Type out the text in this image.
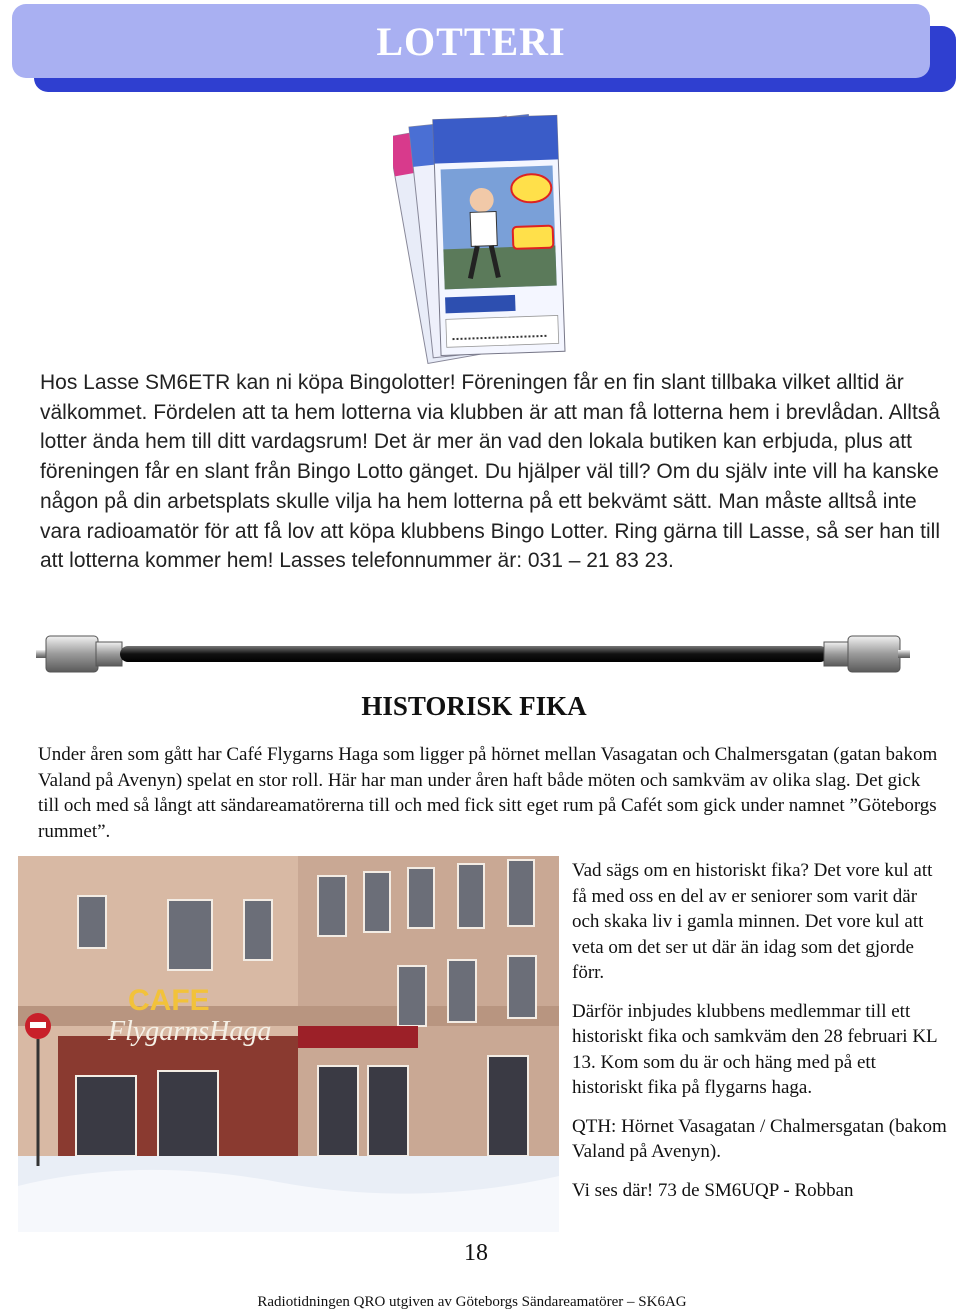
LOTTERI

Hos Lasse SM6ETR kan ni köpa Bingolotter! Föreningen får en fin slant tillbaka vilket alltid är välkommet. Fördelen att ta hem lotterna via klubben är att man få lotterna hem i brevlådan. Alltså lotter ända hem till ditt vardagsrum! Det är mer än vad den lokala butiken kan erbjuda, plus att föreningen får en slant från Bingo Lotto gänget. Du hjälper väl till? Om du själv inte vill ha kanske någon på din arbetsplats skulle vilja ha hem lotterna på ett bekvämt sätt. Man måste alltså inte vara radioamatör för att få lov att köpa klubbens Bingo Lotter. Ring gärna till Lasse, så ser han till att lotterna kommer hem! Lasses telefonnummer är: 031 – 21 83 23.

HISTORISK FIKA

Under åren som gått har Café Flygarns Haga som ligger på hörnet mellan Vasagatan och Chalmersgatan (gatan bakom Valand på Avenyn) spelat en stor roll. Här har man under åren haft både möten och samkväm av olika slag. Det gick till och med så långt att sändareamatörerna till och med fick sitt eget rum på Cafét som gick under namnet ”Göteborgs rummet”.

CAFE
FlygarnsHaga

Vad sägs om en historiskt fika? Det vore kul att få med oss en del av er seniorer som varit där och skaka liv i gamla minnen. Det vore kul att veta om det ser ut där än idag som det gjorde förr.

Därför inbjudes klubbens medlemmar till ett historiskt fika och samkväm den 28 februari KL 13. Kom som du är och häng med på ett historiskt fika på flygarns haga.

QTH: Hörnet Vasagatan / Chalmersgatan (bakom Valand på Avenyn).

Vi ses där! 73 de SM6UQP - Robban

18
Radiotidningen QRO utgiven av Göteborgs Sändareamatörer – SK6AG
